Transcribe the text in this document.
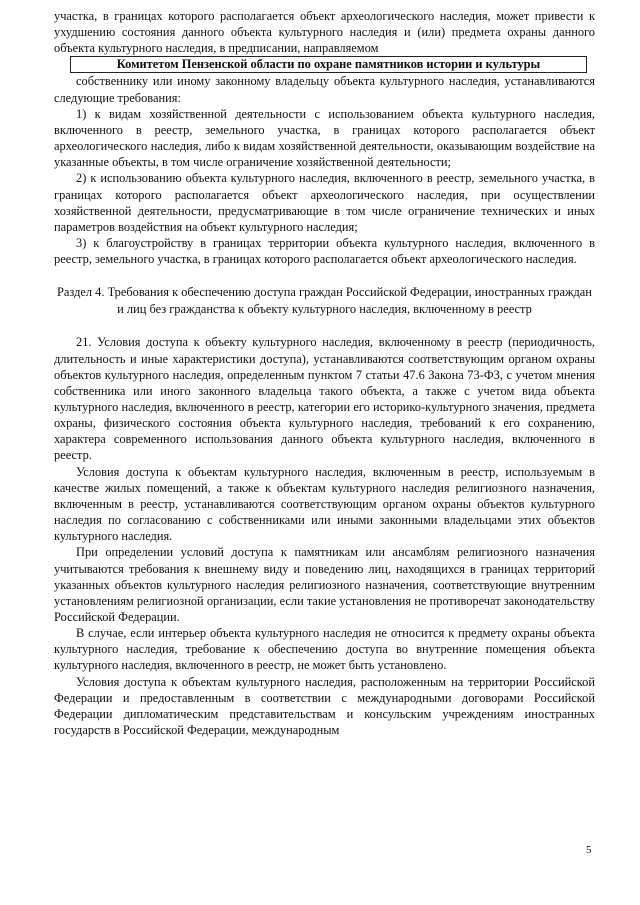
участка, в границах которого располагается объект археологического наследия, может привести к ухудшению состояния данного объекта культурного наследия и (или) предмета охраны данного объекта культурного наследия, в предписании, направляемом

Комитетом Пензенской области по охране памятников истории и культуры

собственнику или иному законному владельцу объекта культурного наследия, устанавливаются следующие требования:

1) к видам хозяйственной деятельности с использованием объекта культурного наследия, включенного в реестр, земельного участка, в границах которого располагается объект археологического наследия, либо к видам хозяйственной деятельности, оказывающим воздействие на указанные объекты, в том числе ограничение хозяйственной деятельности;

2) к использованию объекта культурного наследия, включенного в реестр, земельного участка, в границах которого располагается объект археологического наследия, при осуществлении хозяйственной деятельности, предусматривающие в том числе ограничение технических и иных параметров воздействия на объект культурного наследия;

3) к благоустройству в границах территории объекта культурного наследия, включенного в реестр, земельного участка, в границах которого располагается объект археологического наследия.

Раздел 4. Требования к обеспечению доступа граждан Российской Федерации, иностранных граждан и лиц без гражданства к объекту культурного наследия, включенному в реестр

21. Условия доступа к объекту культурного наследия, включенному в реестр (периодичность, длительность и иные характеристики доступа), устанавливаются соответствующим органом охраны объектов культурного наследия, определенным пунктом 7 статьи 47.6 Закона 73-ФЗ, с учетом мнения собственника или иного законного владельца такого объекта, а также с учетом вида объекта культурного наследия, включенного в реестр, категории его историко-культурного значения, предмета охраны, физического состояния объекта культурного наследия, требований к его сохранению, характера современного использования данного объекта культурного наследия, включенного в реестр.

Условия доступа к объектам культурного наследия, включенным в реестр, используемым в качестве жилых помещений, а также к объектам культурного наследия религиозного назначения, включенным в реестр, устанавливаются соответствующим органом охраны объектов культурного наследия по согласованию с собственниками или иными законными владельцами этих объектов культурного наследия.

При определении условий доступа к памятникам или ансамблям религиозного назначения учитываются требования к внешнему виду и поведению лиц, находящихся в границах территорий указанных объектов культурного наследия религиозного назначения, соответствующие внутренним установлениям религиозной организации, если такие установления не противоречат законодательству Российской Федерации.

В случае, если интерьер объекта культурного наследия не относится к предмету охраны объекта культурного наследия, требование к обеспечению доступа во внутренние помещения объекта культурного наследия, включенного в реестр, не может быть установлено.

Условия доступа к объектам культурного наследия, расположенным на территории Российской Федерации и предоставленным в соответствии с международными договорами Российской Федерации дипломатическим представительствам и консульским учреждениям иностранных государств в Российской Федерации, международным

5
